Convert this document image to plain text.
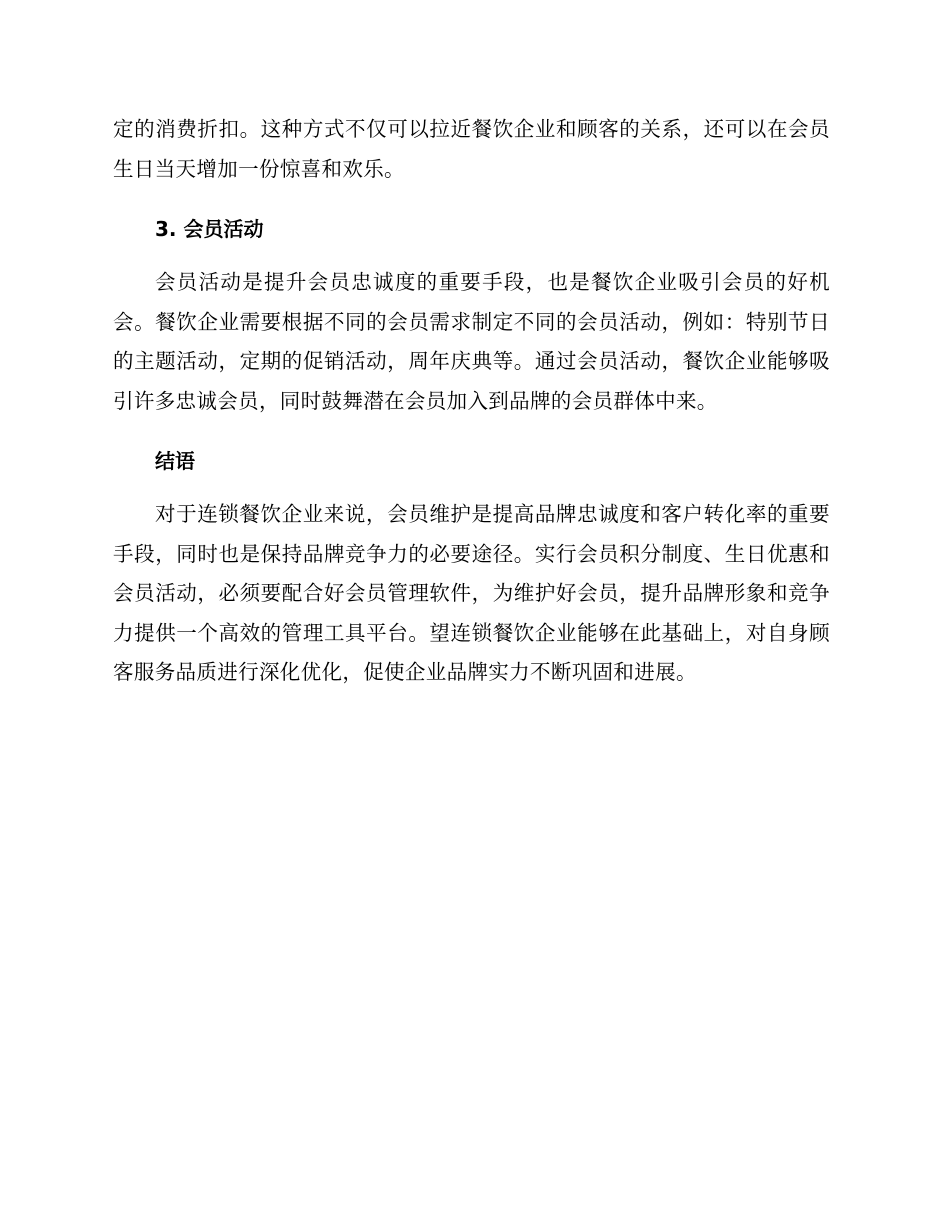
定的消费折扣。这种方式不仅可以拉近餐饮企业和顾客的关系，还可以在会员生日当天增加一份惊喜和欢乐。

3. 会员活动

会员活动是提升会员忠诚度的重要手段，也是餐饮企业吸引会员的好机会。餐饮企业需要根据不同的会员需求制定不同的会员活动，例如：特别节日的主题活动，定期的促销活动，周年庆典等。通过会员活动，餐饮企业能够吸引许多忠诚会员，同时鼓舞潜在会员加入到品牌的会员群体中来。

结语

对于连锁餐饮企业来说，会员维护是提高品牌忠诚度和客户转化率的重要手段，同时也是保持品牌竞争力的必要途径。实行会员积分制度、生日优惠和会员活动，必须要配合好会员管理软件，为维护好会员，提升品牌形象和竞争力提供一个高效的管理工具平台。望连锁餐饮企业能够在此基础上，对自身顾客服务品质进行深化优化，促使企业品牌实力不断巩固和进展。
